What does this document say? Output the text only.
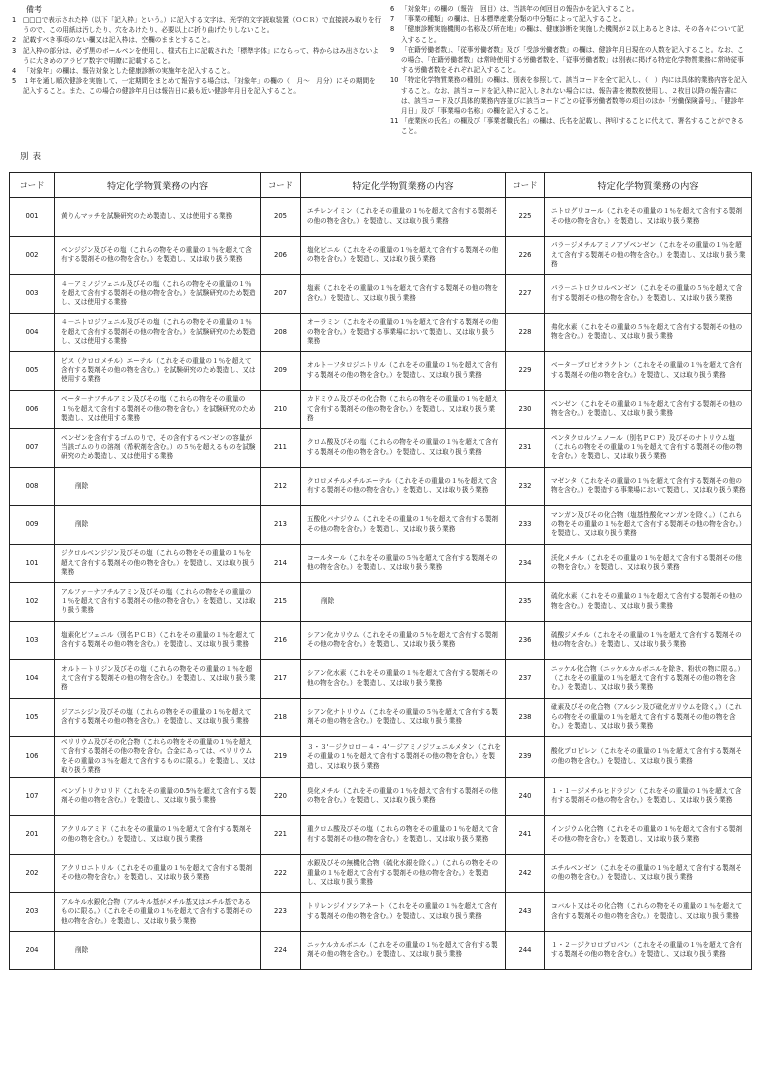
備考
1	□□□で表示された枠（以下「記入枠」という。）に記入する文字は、光学的文字読取装置（ＯＣＲ）で直接読み取りを行うので、この用紙は汚したり、穴をあけたり、必要以上に折り曲げたりしないこと。
2	記載すべき事項のない欄又は記入枠は、空欄のままとすること。
3	記入枠の部分は、必ず黒のボールペンを使用し、様式右上に記載された「標準字体」にならって、枠からはみ出さないように大きめのアラビア数字で明瞭に記載すること。
4	「対象年」の欄は、報告対象とした健康診断の実施年を記入すること。
5	１年を通し順次健診を実施して、一定期間をまとめて報告する場合は、「対象年」の欄の（　月〜　月分）にその期間を記入すること。また、この場合の健診年月日は報告日に最も近い健診年月日を記入すること。
6	「対象年」の欄の（報告　回目）は、当該年の何回目の報告かを記入すること。
7	「事業の種類」の欄は、日本標準産業分類の中分類によって記入すること。
8	「健康診断実施機関の名称及び所在地」の欄は、健康診断を実施した機関が２以上あるときは、その各々について記入すること。
9	「在籍労働者数」、「従事労働者数」及び「受診労働者数」の欄は、健診年月日現在の人数を記入すること。なお、この場合、「在籍労働者数」は常時使用する労働者数を、「従事労働者数」は別表に掲げる特定化学物質業務に常時従事する労働者数をそれぞれ記入すること。
10 「特定化学物質業務の種別」の欄は、別表を参照して、該当コードを全て記入し、（　）内には具体的業務内容を記入すること。なお、該当コードを記入枠に記入しきれない場合には、報告書を複数枚使用し、２枚目以降の報告書には、該当コード及び具体的業務内容並びに該当コードごとの従事労働者数等の項目のほか「労働保険番号」、「健診年月日」及び「事業場の名称」の欄を記入すること。
11 「産業医の氏名」の欄及び「事業者職氏名」の欄は、氏名を記載し、押印することに代えて、署名することができること。
別表
コード	特定化学物質業務の内容	コード	特定化学物質業務の内容	コード	特定化学物質業務の内容
001	黄りんマッチを試験研究のため製造し、又は使用する業務	205	エチレンイミン（これをその重量の１％を超えて含有する製剤その他の物を含む。）を製造し、又は取り扱う業務	225	ニトログリコール（これをその重量の１％を超えて含有する製剤その他の物を含む。）を製造し、又は取り扱う業務
002	ベンジジン及びその塩（これらの物をその重量の１％を超えて含有する製剤その他の物を含む。）を製造し、又は取り扱う業務	206	塩化ビニル（これをその重量の１％を超えて含有する製剤その他の物を含む。）を製造し、又は取り扱う業務	226	パラ－ジメチルアミノアゾベンゼン（これをその重量の１％を超えて含有する製剤その他の物を含む。）を製造し、又は取り扱う業務
003	４－アミノジフェニル及びその塩（これらの物をその重量の１％を超えて含有する製剤その他の物を含む。）を試験研究のため製造し、又は使用する業務	207	塩素（これをその重量の１％を超えて含有する製剤その他の物を含む。）を製造し、又は取り扱う業務	227	パラ－ニトロクロルベンゼン（これをその重量の５％を超えて含有する製剤その他の物を含む。）を製造し、又は取り扱う業務
004	４－ニトロジフェニル及びその塩（これらの物をその重量の１％を超えて含有する製剤その他の物を含む。）を試験研究のため製造し、又は使用する業務	208	オーラミン（これをその重量の１％を超えて含有する製剤その他の物を含む。）を製造する事業場において製造し、又は取り扱う業務	228	弗化水素（これをその重量の５％を超えて含有する製剤その他の物を含む。）を製造し、又は取り扱う業務
005	ビス（クロロメチル）エーテル（これをその重量の１％を超えて含有する製剤その他の物を含む。）を試験研究のため製造し、又は使用する業務	209	オルト－フタロジニトリル（これをその重量の１％を超えて含有する製剤その他の物を含む。）を製造し、又は取り扱う業務	229	ベータ－プロピオラクトン（これをその重量の１％を超えて含有する製剤その他の物を含む。）を製造し、又は取り扱う業務
006	ベータ－ナフチルアミン及びその塩（これらの物をその重量の１％を超えて含有する製剤その他の物を含む。）を試験研究のため製造し、又は使用する業務	210	カドミウム及びその化合物（これらの物をその重量の１％を超えて含有する製剤その他の物を含む。）を製造し、又は取り扱う業務	230	ベンゼン（これをその重量の１％を超えて含有する製剤その他の物を含む。）を製造し、又は取り扱う業務
007	ベンゼンを含有するゴムのりで、その含有するベンゼンの容量が当該ゴムのりの溶剤（希釈剤を含む。）の５％を超えるものを試験研究のため製造し、又は使用する業務	211	クロム酸及びその塩（これらの物をその重量の１％を超えて含有する製剤その他の物を含む。）を製造し、又は取り扱う業務	231	ペンタクロルフェノール（別名ＰＣＰ）及びそのナトリウム塩（これらの物をその重量の１％を超えて含有する製剤その他の物を含む。）を製造し、又は取り扱う業務
008	削除	212	クロロメチルメチルエーテル（これをその重量の１％を超えて含有する製剤その他の物を含む。）を製造し、又は取り扱う業務	232	マゼンタ（これをその重量の１％を超えて含有する製剤その他の物を含む。）を製造する事業場において製造し、又は取り扱う業務
009	削除	213	五酸化バナジウム（これをその重量の１％を超えて含有する製剤その他の物を含む。）を製造し、又は取り扱う業務	233	マンガン及びその化合物（塩基性酸化マンガンを除く。）（これらの物をその重量の１％を超えて含有する製剤その他の物を含む。）を製造し、又は取り扱う業務
101	ジクロルベンジジン及びその塩（これらの物をその重量の１％を超えて含有する製剤その他の物を含む。）を製造し、又は取り扱う業務	214	コールタール（これをその重量の５％を超えて含有する製剤その他の物を含む。）を製造し、又は取り扱う業務	234	沃化メチル（これをその重量の１％を超えて含有する製剤その他の物を含む。）を製造し、又は取り扱う業務
102	アルファ－ナフチルアミン及びその塩（これらの物をその重量の１％を超えて含有する製剤その他の物を含む。）を製造し、又は取り扱う業務	215	削除	235	硫化水素（これをその重量の１％を超えて含有する製剤その他の物を含む。）を製造し、又は取り扱う業務
103	塩素化ビフェニル（別名ＰＣＢ）（これをその重量の１％を超えて含有する製剤その他の物を含む。）を製造し、又は取り扱う業務	216	シアン化カリウム（これをその重量の５％を超えて含有する製剤その他の物を含む。）を製造し、又は取り扱う業務	236	硫酸ジメチル（これをその重量の１％を超えて含有する製剤その他の物を含む。）を製造し、又は取り扱う業務
104	オルト－トリジン及びその塩（これらの物をその重量の１％を超えて含有する製剤その他の物を含む。）を製造し、又は取り扱う業務	217	シアン化水素（これをその重量の１％を超えて含有する製剤その他の物を含む。）を製造し、又は取り扱う業務	237	ニッケル化合物（ニッケルカルボニルを除き、粉状の物に限る。）（これをその重量の１％を超えて含有する製剤その他の物を含む。）を製造し、又は取り扱う業務
105	ジアニシジン及びその塩（これらの物をその重量の１％を超えて含有する製剤その他の物を含む。）を製造し、又は取り扱う業務	218	シアン化ナトリウム（これをその重量の５％を超えて含有する製剤その他の物を含む。）を製造し、又は取り扱う業務	238	砒素及びその化合物（アルシン及び砒化ガリウムを除く。）（これらの物をその重量の１％を超えて含有する製剤その他の物を含む。）を製造し、又は取り扱う業務
106	ベリリウム及びその化合物（これらの物をその重量の１％を超えて含有する製剤その他の物を含む。合金にあっては、ベリリウムをその重量の３％を超えて含有するものに限る。）を製造し、又は取り扱う業務	219	３・３'－ジクロロ－４・４'－ジアミノジフェニルメタン（これをその重量の１％を超えて含有する製剤その他の物を含む。）を製造し、又は取り扱う業務	239	酸化プロピレン（これをその重量の１％を超えて含有する製剤その他の物を含む。）を製造し、又は取り扱う業務
107	ベンゾトリクロリド（これをその重量の0.5％を超えて含有する製剤その他の物を含む。）を製造し、又は取り扱う業務	220	臭化メチル（これをその重量の１％を超えて含有する製剤その他の物を含む。）を製造し、又は取り扱う業務	240	１・１－ジメチルヒドラジン（これをその重量の１％を超えて含有する製剤その他の物を含む。）を製造し、又は取り扱う業務
201	アクリルアミド（これをその重量の１％を超えて含有する製剤その他の物を含む。）を製造し、又は取り扱う業務	221	重クロム酸及びその塩（これらの物をその重量の１％を超えて含有する製剤その他の物を含む。）を製造し、又は取り扱う業務	241	インジウム化合物（これをその重量の１％を超えて含有する製剤その他の物を含む。）を製造し、又は取り扱う業務
202	アクリロニトリル（これをその重量の１％を超えて含有する製剤その他の物を含む。）を製造し、又は取り扱う業務	222	水銀及びその無機化合物（硫化水銀を除く。）（これらの物をその重量の１％を超えて含有する製剤その他の物を含む。）を製造し、又は取り扱う業務	242	エチルベンゼン（これをその重量の１％を超えて含有する製剤その他の物を含む。）を製造し、又は取り扱う業務
203	アルキル水銀化合物（アルキル基がメチル基又はエチル基であるものに限る。）（これをその重量の１％を超えて含有する製剤その他の物を含む。）を製造し、又は取り扱う業務	223	トリレンジイソシアネート（これをその重量の１％を超えて含有する製剤その他の物を含む。）を製造し、又は取り扱う業務	243	コバルト又はその化合物（これらの物をその重量の１％を超えて含有する製剤その他の物を含む。）を製造し、又は取り扱う業務
204	削除	224	ニッケルカルボニル（これをその重量の１％を超えて含有する製剤その他の物を含む。）を製造し、又は取り扱う業務	244	１・２－ジクロロプロパン（これをその重量の１％を超えて含有する製剤その他の物を含む。）を製造し、又は取り扱う業務
